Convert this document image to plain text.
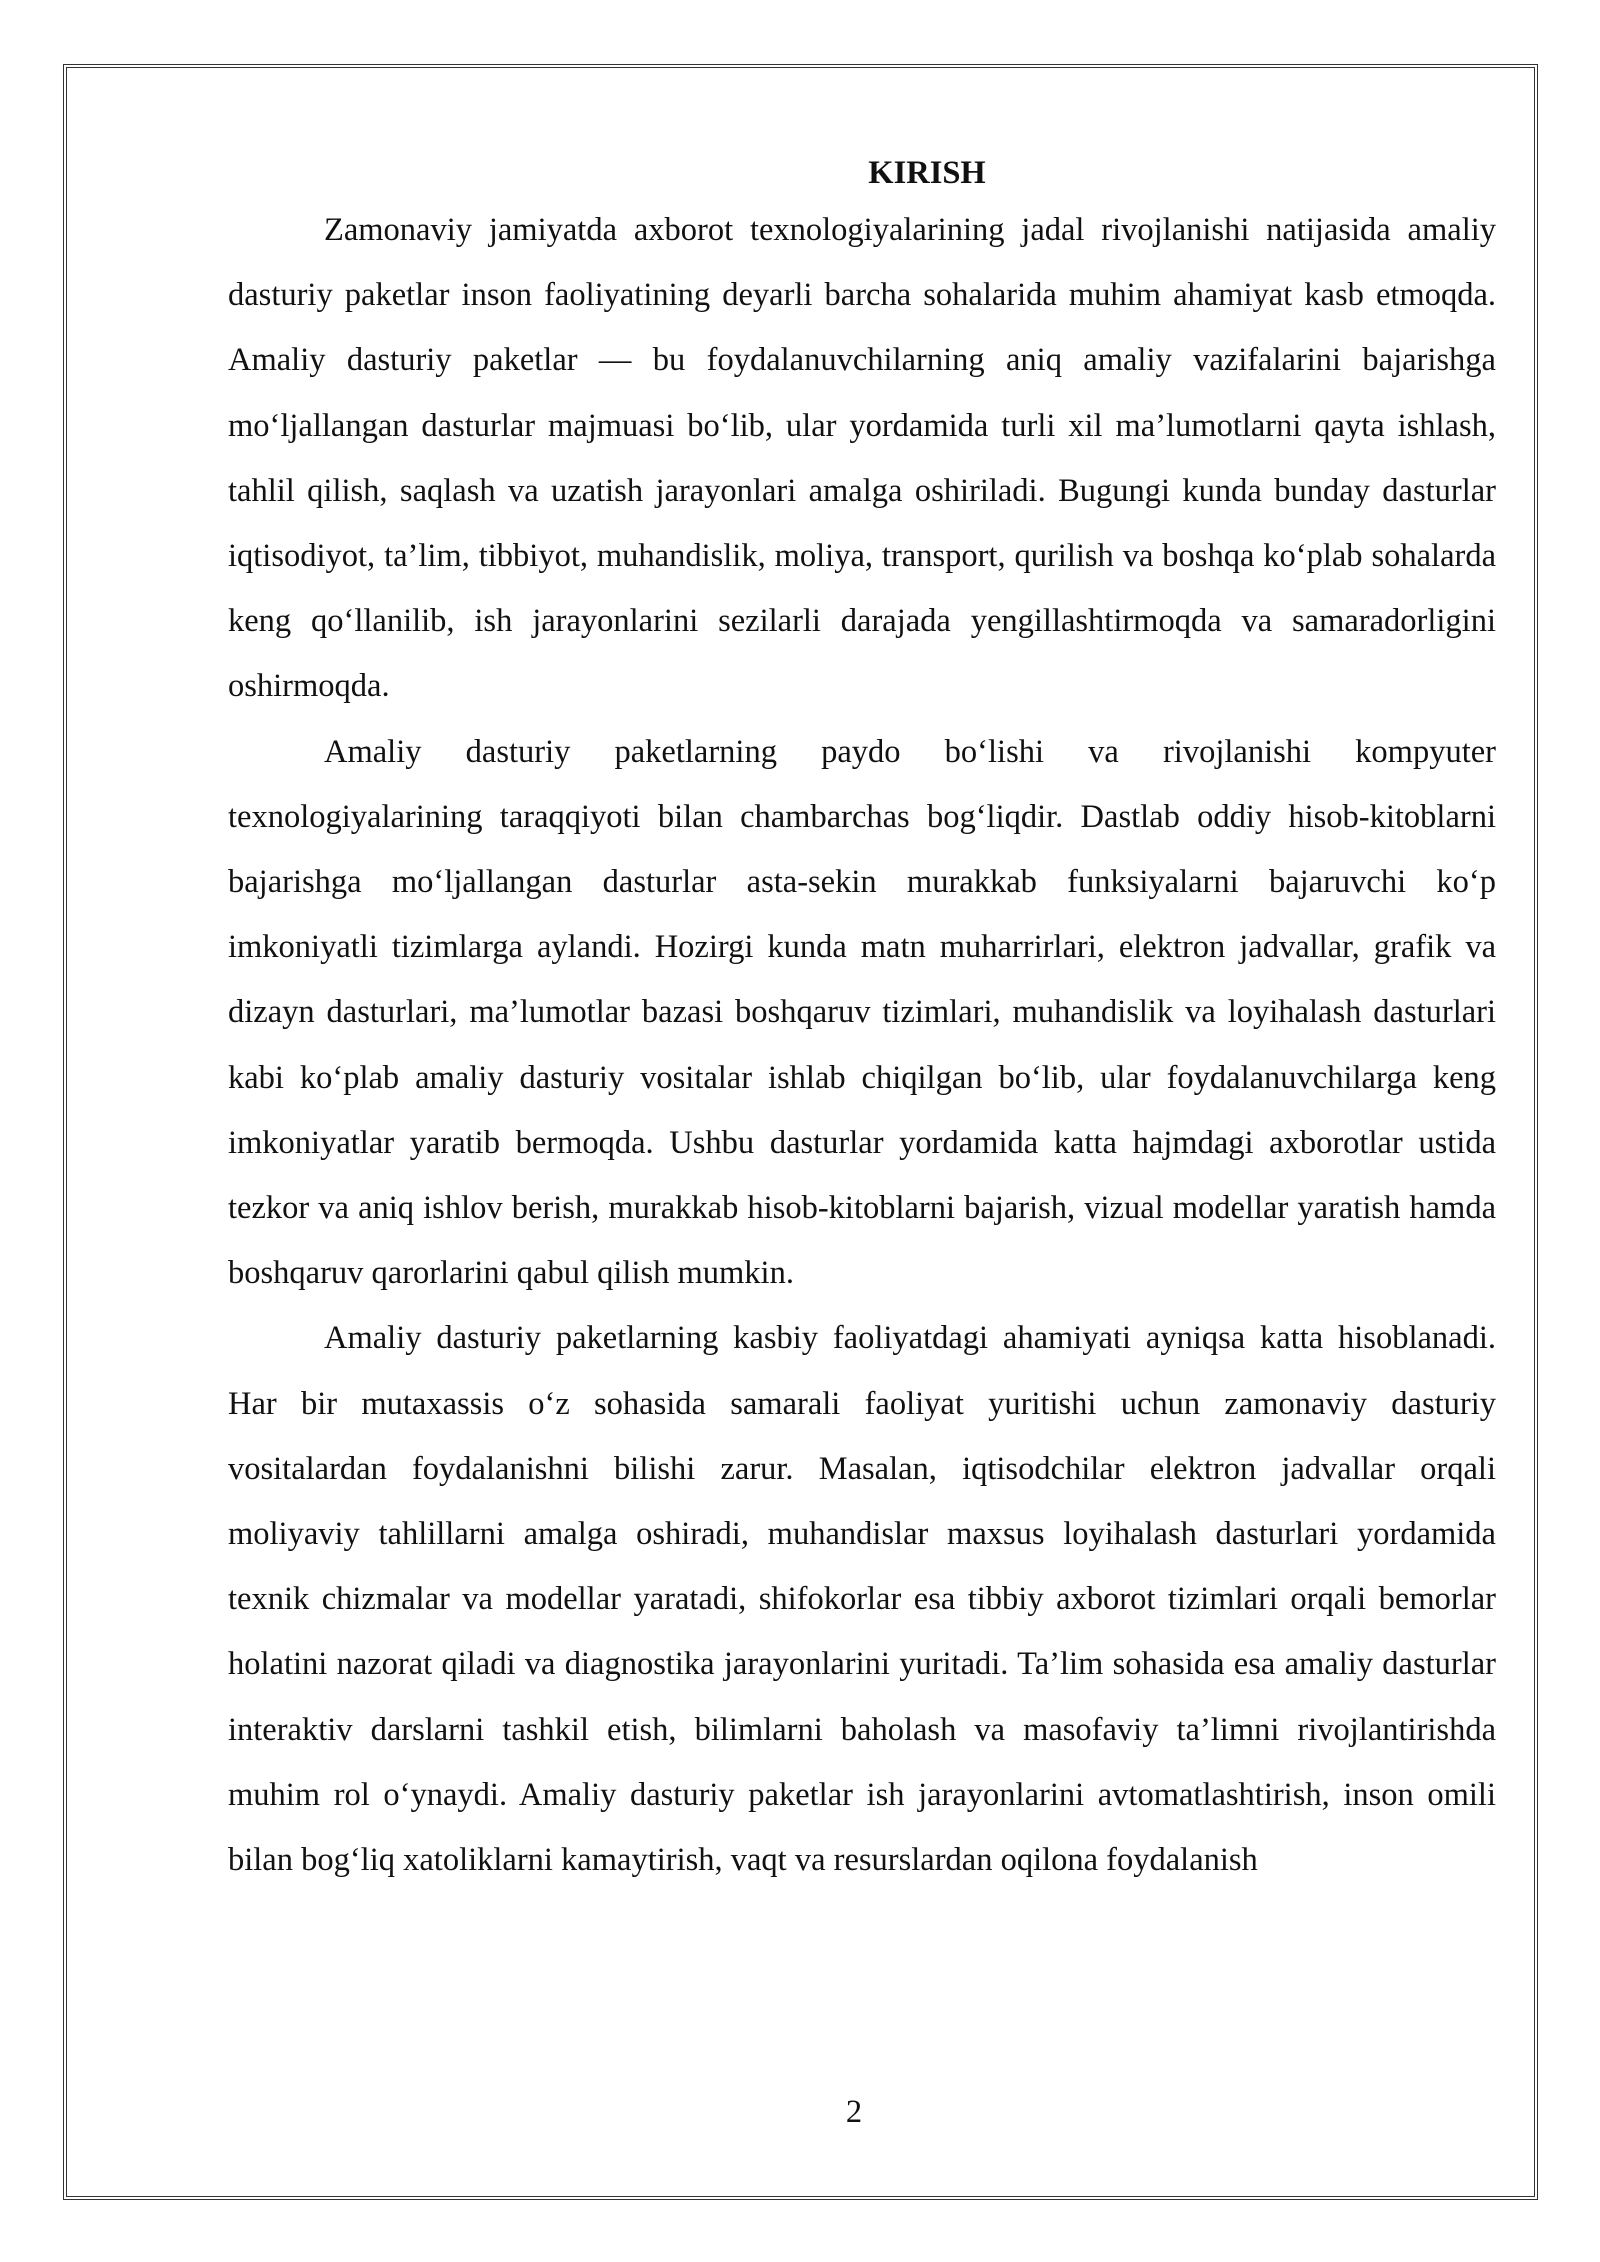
KIRISH

Zamonaviy jamiyatda axborot texnologiyalarining jadal rivojlanishi natijasida amaliy dasturiy paketlar inson faoliyatining deyarli barcha sohalarida muhim ahamiyat kasb etmoqda. Amaliy dasturiy paketlar — bu foydalanuvchilarning aniq amaliy vazifalarini bajarishga mo‘ljallangan dasturlar majmuasi bo‘lib, ular yordamida turli xil ma’lumotlarni qayta ishlash, tahlil qilish, saqlash va uzatish jarayonlari amalga oshiriladi. Bugungi kunda bunday dasturlar iqtisodiyot, ta’lim, tibbiyot, muhandislik, moliya, transport, qurilish va boshqa ko‘plab sohalarda keng qo‘llanilib, ish jarayonlarini sezilarli darajada yengillashtirmoqda va samaradorligini oshirmoqda.

Amaliy dasturiy paketlarning paydo bo‘lishi va rivojlanishi kompyuter texnologiyalarining taraqqiyoti bilan chambarchas bog‘liqdir. Dastlab oddiy hisob-kitoblarni bajarishga mo‘ljallangan dasturlar asta-sekin murakkab funksiyalarni bajaruvchi ko‘p imkoniyatli tizimlarga aylandi. Hozirgi kunda matn muharrirlari, elektron jadvallar, grafik va dizayn dasturlari, ma’lumotlar bazasi boshqaruv tizimlari, muhandislik va loyihalash dasturlari kabi ko‘plab amaliy dasturiy vositalar ishlab chiqilgan bo‘lib, ular foydalanuvchilarga keng imkoniyatlar yaratib bermoqda. Ushbu dasturlar yordamida katta hajmdagi axborotlar ustida tezkor va aniq ishlov berish, murakkab hisob-kitoblarni bajarish, vizual modellar yaratish hamda boshqaruv qarorlarini qabul qilish mumkin.

Amaliy dasturiy paketlarning kasbiy faoliyatdagi ahamiyati ayniqsa katta hisoblanadi. Har bir mutaxassis o‘z sohasida samarali faoliyat yuritishi uchun zamonaviy dasturiy vositalardan foydalanishni bilishi zarur. Masalan, iqtisodchilar elektron jadvallar orqali moliyaviy tahlillarni amalga oshiradi, muhandislar maxsus loyihalash dasturlari yordamida texnik chizmalar va modellar yaratadi, shifokorlar esa tibbiy axborot tizimlari orqali bemorlar holatini nazorat qiladi va diagnostika jarayonlarini yuritadi. Ta’lim sohasida esa amaliy dasturlar interaktiv darslarni tashkil etish, bilimlarni baholash va masofaviy ta’limni rivojlantirishda muhim rol o‘ynaydi. Amaliy dasturiy paketlar ish jarayonlarini avtomatlashtirish, inson omili bilan bog‘liq xatoliklarni kamaytirish, vaqt va resurslardan oqilona foydalanish

2
